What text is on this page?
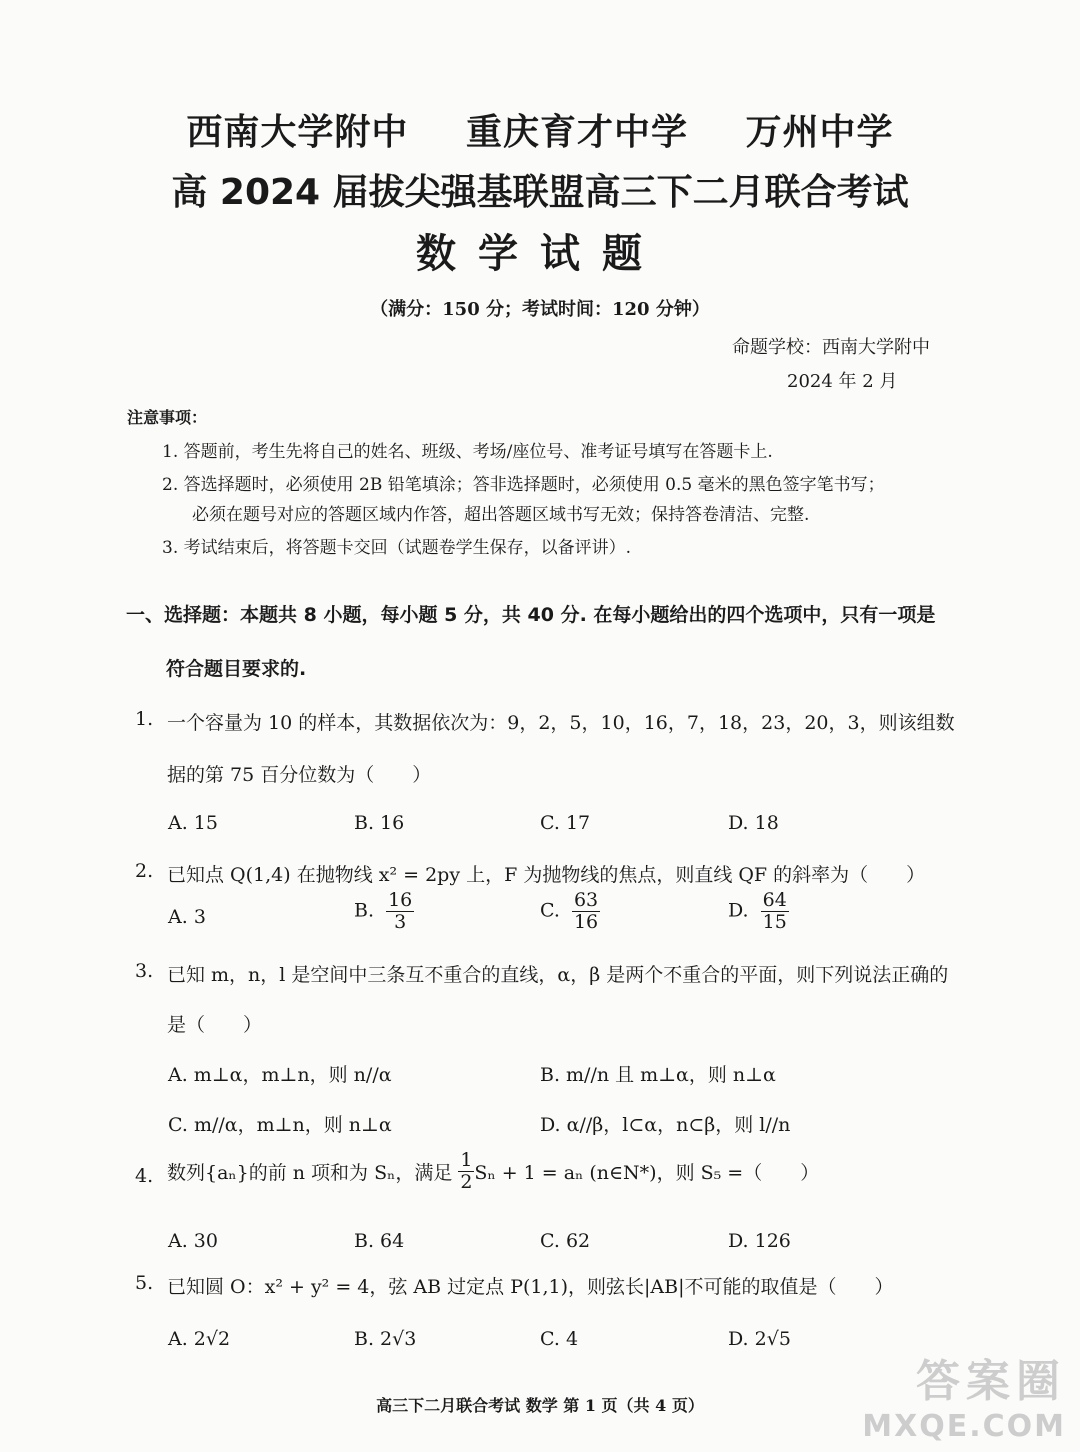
西南大学附中 重庆育才中学 万州中学
高 2024 届拔尖强基联盟高三下二月联合考试
数学试题
（满分：150 分；考试时间：120 分钟）
命题学校：西南大学附中
2024 年 2 月
注意事项：
1. 答题前，考生先将自己的姓名、班级、考场/座位号、准考证号填写在答题卡上.
2. 答选择题时，必须使用 2B 铅笔填涂；答非选择题时，必须使用 0.5 毫米的黑色签字笔书写；
必须在题号对应的答题区域内作答，超出答题区域书写无效；保持答卷清洁、完整.
3. 考试结束后，将答题卡交回（试题卷学生保存，以备评讲）.
一、选择题：本题共 8 小题，每小题 5 分，共 40 分. 在每小题给出的四个选项中，只有一项是
符合题目要求的.
1. 一个容量为 10 的样本，其数据依次为：9，2，5，10，16，7，18，23，20，3，则该组数
据的第 75 百分位数为（　　）
A. 15	B. 16	C. 17	D. 18
2. 已知点 Q(1,4) 在抛物线 x² = 2py 上，F 为抛物线的焦点，则直线 QF 的斜率为（　　）
A. 3	B. $\frac{16}{3}$	C. $\frac{63}{16}$	D. $\frac{64}{15}$
3. 已知 m，n，l 是空间中三条互不重合的直线，α，β 是两个不重合的平面，则下列说法正确的
是（　　）
A. m⊥α，m⊥n，则 n//α	B. m//n 且 m⊥α，则 n⊥α
C. m//α，m⊥n，则 n⊥α	D. α//β，l⊂α，n⊂β，则 l//n
4. 数列{aₙ}的前 n 项和为 Sₙ，满足 $\frac{1}{2}$ Sₙ + 1 = aₙ (n∈N*)，则 S₅ =（　　）
A. 30	B. 64	C. 62	D. 126
5. 已知圆 O：x² + y² = 4，弦 AB 过定点 P(1,1)，则弦长|AB|不可能的取值是（　　）
A. 2√2	B. 2√3	C. 4	D. 2√5
高三下二月联合考试 数学 第 1 页（共 4 页）	答案圈
MXQE.COM
